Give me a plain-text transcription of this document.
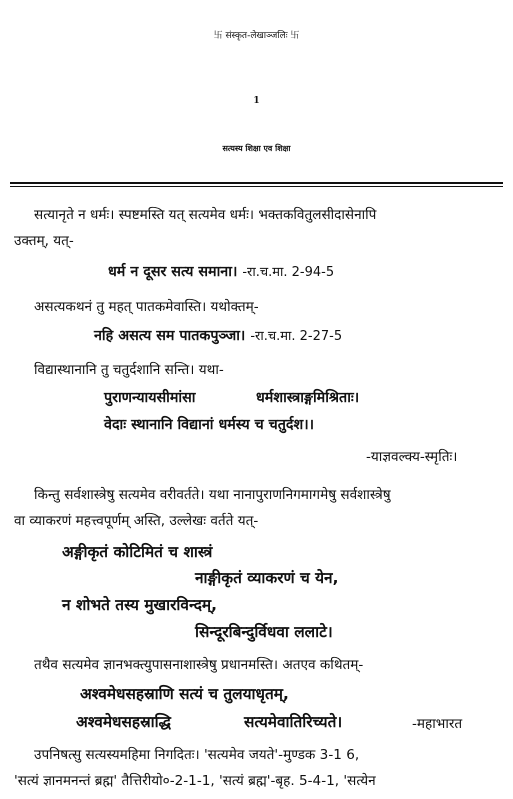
卐 संस्कृत-लेखाञ्जलिः 卐
1
सत्यस्य शिक्षा एव शिक्षा
सत्यानृते न धर्मः। स्पष्टमस्ति यत् सत्यमेव धर्मः। भक्तकवितुलसीदासेनापि
उक्तम्, यत्-
धर्म न दूसर सत्य समाना। -रा.च.मा. 2-94-5
असत्यकथनं तु महत् पातकमेवास्ति। यथोक्तम्-
नहि असत्य सम पातकपुञ्जा। -रा.च.मा. 2-27-5
विद्यास्थानानि तु चतुर्दशानि सन्ति। यथा-
पुराणन्यायसीमांसा	धर्मशास्त्राङ्गमिश्रिताः।
वेदाः स्थानानि विद्यानां धर्मस्य च चतुर्दश।।
-याज्ञवल्क्य-स्मृतिः।
किन्तु सर्वशास्त्रेषु सत्यमेव वरीवर्तते। यथा नानापुराणनिगमागमेषु सर्वशास्त्रेषु
वा व्याकरणं महत्त्वपूर्णम् अस्ति, उल्लेखः वर्तते यत्-
अङ्गीकृतं कोटिमितं च शास्त्रं
नाङ्गीकृतं व्याकरणं च येन,
न शोभते तस्य मुखारविन्दम्,
सिन्दूरबिन्दुर्विधवा ललाटे।
तथैव सत्यमेव ज्ञानभक्त्युपासनाशास्त्रेषु प्रधानमस्ति। अतएव कथितम्-
अश्वमेधसहस्राणि सत्यं च तुलयाधृतम्,
अश्वमेधसहस्राद्धि	सत्यमेवातिरिच्यते।	-महाभारत
उपनिषत्सु सत्यस्यमहिमा निगदितः। 'सत्यमेव जयते'-मुण्डक 3-1 6,
'सत्यं ज्ञानमनन्तं ब्रह्म' तैत्तिरीयो०-2-1-1, 'सत्यं ब्रह्म'-बृह. 5-4-1, 'सत्येन
